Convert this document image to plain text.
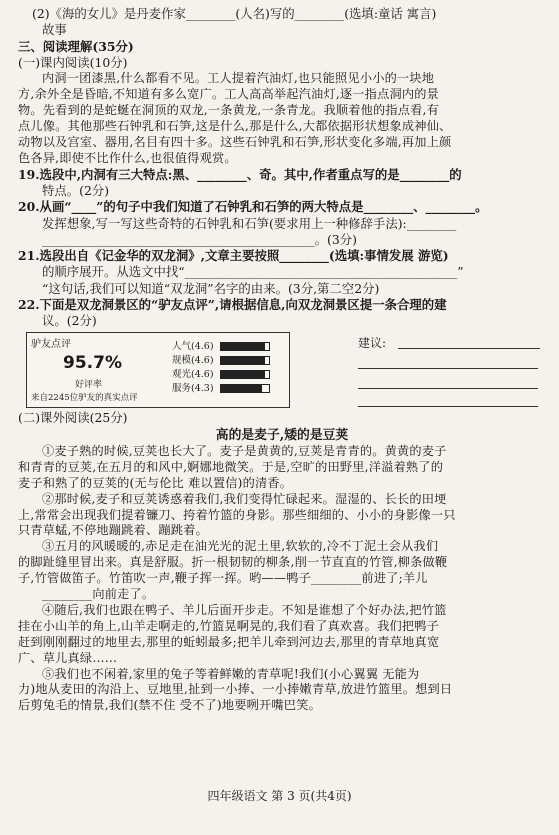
(2)《海的女儿》是丹麦作家________(人名)写的________(选填:童话 寓言)
故事
三、阅读理解(35分)
(一)课内阅读(10分)
内洞一团漆黑,什么都看不见。工人提着汽油灯,也只能照见小小的一块地
方,余外全是昏暗,不知道有多么宽广。工人高高举起汽油灯,逐一指点洞内的景
物。先看到的是蛇蜒在洞顶的双龙,一条黄龙,一条青龙。我顺着他的指点看,有
点儿像。其他那些石钟乳和石笋,这是什么,那是什么,大都依据形状想象成神仙、
动物以及宫室、器用,名目有四十多。这些石钟乳和石笋,形状变化多端,再加上颜
色各异,即使不比作什么,也很值得观赏。
19.选段中,内洞有三大特点:黑、________、奇。其中,作者重点写的是________的
特点。(2分)
20.从画“____”的句子中我们知道了石钟乳和石笋的两大特点是________、________。
发挥想象,写一写这些奇特的石钟乳和石笋(要求用上一种修辞手法):________
____________________________________________。(3分)
21.选段出自《记金华的双龙洞》,文章主要按照________(选填:事情发展 游览)
的顺序展开。从选文中找“____________________________________________”
“这句话,我们可以知道“双龙洞”名字的由来。(3分,第二空2分)
22.下面是双龙洞景区的“驴友点评”,请根据信息,向双龙洞景区提一条合理的建
议。(2分)
驴友点评
95.7%
好评率
来自2245位驴友的真实点评
人气(4.6)
规模(4.6)
观光(4.6)
服务(4.3)
建议:
(二)课外阅读(25分)
高的是麦子,矮的是豆荚
①麦子熟的时候,豆荚也长大了。麦子是黄黄的,豆荚是青青的。黄黄的麦子
和青青的豆荚,在五月的和风中,婀娜地微笑。于是,空旷的田野里,洋溢着熟了的
麦子和熟了的豆荚的(无与伦比 难以置信)的清香。
②那时候,麦子和豆荚诱惑着我们,我们变得忙碌起来。湿湿的、长长的田埂
上,常常会出现我们提着镰刀、挎着竹篮的身影。那些细细的、小小的身影像一只
只青草蜢,不停地蹦跳着、蹦跳着。
③五月的风暖暖的,赤足走在油光光的泥土里,软软的,冷不丁泥土会从我们
的脚趾缝里冒出来。真是舒服。折一根韧韧的柳条,削一节直直的竹管,柳条做鞭
子,竹管做笛子。竹笛吹一声,鞭子挥一挥。哟——鸭子________前进了;羊儿
________向前走了。
④随后,我们也跟在鸭子、羊儿后面开步走。不知是谁想了个好办法,把竹篮
挂在小山羊的角上,山羊走啊走的,竹篮晃啊晃的,我们看了真欢喜。我们把鸭子
赶到刚刚翻过的地里去,那里的蚯蚓最多;把羊儿牵到河边去,那里的青草地真宽
广、草儿真绿……
⑤我们也不闲着,家里的兔子等着鲜嫩的青草呢!我们(小心翼翼 无能为
力)地从麦田的沟沿上、豆地里,扯到一小捧、一小捧嫩青草,放进竹篮里。想到日
后剪兔毛的情景,我们(禁不住 受不了)地要咧开嘴巴笑。
四年级语文 第 3 页(共4页)
